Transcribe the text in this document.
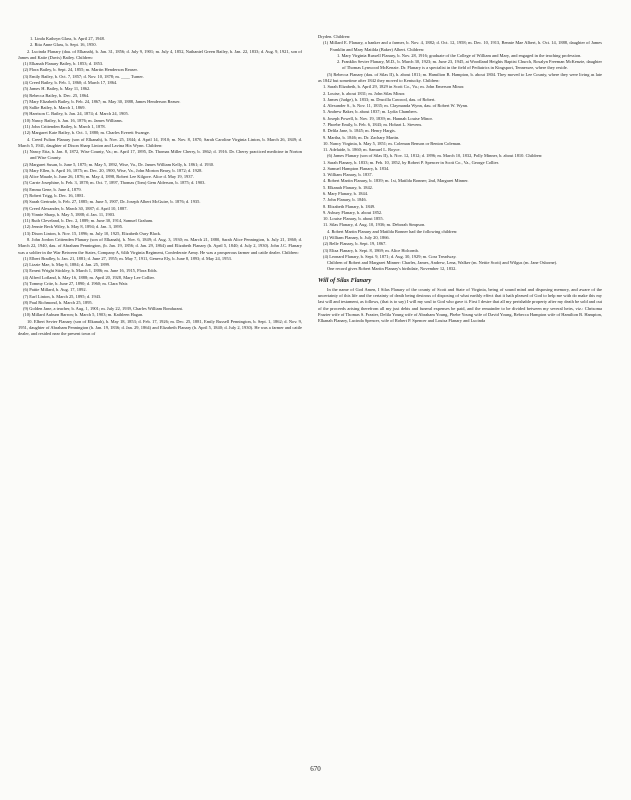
1. Linda Kathryn Glass, b. April 27, 1948.

2. Rita Anne Glass, b. Sept. 16, 1950.

2. Lucinda Flanary (dau. of Elkanah), b. Jan. 31, 1856; d. July 9, 1901; m. July 4, 1852, Nathaniel Green Bailey, b. Jan. 22, 1833; d. Aug. 9, 1921, son of James and Katie (Davis) Bailey. Children:

(1) Elkanah Flanary Bailey, b. 1853; d. 1853.

(2) Flora Bailey, b. Sept. 24, 1855; m. Martin Henderson Reaser.

(3) Emily Bailey, b. Oct. 7, 1857; d. Nov. 10, 1878; m. ____ Turner.

(4) Creed Bailey, b. Feb. 1, 1860; d. March 17, 1864.

(5) James H. Bailey, b. May 11, 1862.

(6) Rebecca Bailey, b. Dec. 25, 1864.

(7) Mary Elizabeth Bailey, b. Feb. 24, 1867; m. May 30, 1888, James Henderson Reaser.

(8) Sallie Bailey, b. March 1, 1869.

(9) Harrison C. Bailey, b. Jan. 24, 1874; d. March 24, 1905.

(10) Nancy Bailey, b. Jan. 16, 1876; m. James Williams.

(11) John Crittenden Bailey, b. March 1, 1878.

(12) Margaret Kate Bailey, b. Oct. 1, 1880; m. Charles Everett Swange.

4. Creed Fulton Flanary (son of Elkanah), b. Nov. 25, 1844; d. April 14, 1910; m. Nov. 8, 1870, Sarah Caroline Virginia Linton, b. March 26, 1849; d. March 5, 1941, daughter of Dixon Sharp Linton and Lavina Hix Wynn. Children:

(1) Nancy Etta, b. Jan. 8, 1872, Wise County, Va.; m. April 17, 1895, Dr. Thomas Miller Cherry, b. 1862; d. 1916. Dr. Cherry practiced medicine in Norton and Wise County.

(2) Margaret Susan, b. June 5, 1875; m. May 5, 1892, Wise, Va., Dr. James William Kelly, b. 1861; d. 1930.

(3) Mary Ellen, b. April 16, 1875; m. Dec. 20, 1900, Wise, Va., John Morton Beary, b. 1872; d. 1928.

(4) Alice Maude, b. June 26, 1876; m. May 4, 1898, Robert Lee Kilgore. Alice d. May 19, 1937.

(5) Carrie Josephine, b. Feb. 3, 1878; m. Oct. 7, 1897, Thomas (Tom) Gem Alderson, b. 1875; d. 1903.

(6) Emma Gene, b. June 4, 1879.

(7) Robert Trigg, b. Dec. 16, 1881.

(8) Sarah Gertrude, b. Feb. 27, 1885; m. June 5, 1907, Dr. Joseph Albert McGuire, b. 1876; d. 1935.

(9) Creed Alexander, b. March 30, 1887; d. April 10, 1887.

(10) Vinnie Sharp, b. May 5, 1888; d. Jan. 11, 1903.

(11) Ruth Cleveland, b. Dec. 2, 1889; m. June 30, 1914, Samuel Graham.

(12) Jennie Beck Wiley, b. May 8, 1894; d. Jan. 3, 1895.

(13) Dixon Linton, b. Nov. 15, 1896; m. July 10, 1925, Elizabeth Oury Black.

8. John Jordon Crittenden Flanary (son of Elkanah), b. Nov. 6, 1849; d. Aug. 3, 1930; m. March 21, 1880, Sarah Alice Pennington, b. July 21, 1860; d. March 22, 1940, dau. of Abraham Pennington, (b. Jan. 19, 1856; d. Jan. 29, 1864) and Elizabeth Flanary (b. April 5, 1840; d. July 2, 1930). John J.C. Flanary was a soldier in the War Between the States, Company A, 64th Virginia Regiment, Confederate Army. He was a prosperous farmer and cattle dealer. Children:

(1) Elbert Bradley, b. Jan. 21, 1881; d. June 27, 1955; m. May 7, 1911, Geneva Ely, b. June 8, 1893; d. May 24, 1953.

(2) Lizzie Mae, b. May 6, 1884; d. Jan. 25, 1899.

(3) Ernest Wright Stickley, b. March 1, 1886; m. June 16, 1915, Flora Edds.

(4) Alfred Lofland, b. May 16, 1888; m. April 20, 1928, Mary Lee Collier.

(5) Tommy Crite, b. June 27, 1890; d. 1960; m. Clara Wair.

(6) Pattie Millard, b. Aug. 17, 1892.

(7) Earl Linton, b. March 25, 1895; d. 1943.

(8) Paul Richmond, b. March 25, 1895.

(9) Golden Jane, a teacher, b. Aug. 1, 1901; m. July 22, 1939, Charles William Bondurant.

(10) Millard Auburn Barron; b. March 5, 1903; m. Kathleen Hagan.

10. Elbert Sevier Flanary (son of Elkanah), b. May 18, 1853; d. Feb. 17, 1926; m. Dec. 25, 1881, Emily Russell Pennington, b. Sept. 1, 1862; d. Nov. 9, 1951, daughter of Abraham Pennington (b. Jan. 19, 1836; d. Jan. 29, 1864) and Elizabeth Flanary (b. April 5, 1840; d. July 2, 1930). He was a farmer and cattle dealer, and resided near the present town of

Dryden. Children:

(1) Millard E. Flanary, a banker and a farmer, b. Nov. 4, 1882; d. Oct. 12, 1958; m. Dec. 10, 1913, Bennie Mae Albert, b. Oct. 14, 1888, daughter of James Franklin and Mary Matilda (Baker) Albert. Children:

1. Mary Virginia Russell Flanary, b. Nov. 28, 1916; graduate of the College of William and Mary, and engaged in the teaching profession.

2. Franklin Sevier Flanary, M.D., b. March 30, 1923; m. June 23, 1945, at Woodland Heights Baptist Church, Rosalyn Freeman McKenzie, daughter of Thomas Lynwood McKenzie. Dr. Flanary is a specialist in the field of Pediatrics in Kingsport, Tennessee, where they reside.

(5) Rebecca Flanary (dau. of Silas II), b. about 1811; m. Hamilton B. Hampton, b. about 1804. They moved to Lee County, where they were living as late as 1842 but sometime after 1842 they moved to Kentucky. Children:

1. Sarah Elizabeth, b. April 29, 1829 in Scott Co., Va.; m. John Emerson Minor.

2. Louise, b. about 1831; m. John Silas Minor.

3. James (Judge), b. 1833; m. Drucilla Cawood, dau. of Robert.

4. Alexander S., b. Nov. 11, 1835; m. Claymanda Wynn, dau. of Robert W. Wynn.

5. Andrew Baker, b. about 1837; m. Lydia Chambers.

6. Joseph Powell, b. Nov. 19, 1839; m. Hannah Louise Minor.

7. Phoebe Emily, b. Feb. 6, 1843; m. Hobart L. Stevens.

8. Delila Jane, b. 1845; m. Henry Hargis.

9. Martha, b. 1846; m. Dr. Zachary Martin.

10. Nancy Virginia, b. May 5, 1851; m. Coleman Benson or Benton Coleman.

11. Adelaide, b. 1860; m. Samuel L. Royce.

(6) James Flanary (son of Silas II), b. Nov. 12, 1812; d. 1896; m. March 10, 1832, Polly Minner, b. about 1810. Children:

1. Sarah Flanary, b. 1833; m. Feb. 10, 1852, by Robert P. Spencer in Scott Co., Va., George Collier.

2. Samuel Hampton Flanary, b. 1834.

3. William Flanary, b. 1837.

4. Robert Martin Flanary, b. 1839; m. 1st, Matilda Bonner; 2nd, Margaret Minner.

5. Elkanah Flanary, b. 1842.

6. Mary Flanary, b. 1844.

7. John Flanary, b. 1846.

8. Elizabeth Flanary, b. 1849.

9. Asbury Flanary, b. about 1852.

10. Louise Flanary, b. about 1855.

11. Silas Flanary, d. Aug. 10, 1936; m. Deborah Simpson.

4. Robert Martin Flanary and Matilda Bonner had the following children:

(1) William Flanary, b. July 20, 1866.

(2) Belle Flanary, b. Sept. 19, 1867.

(3) Eliza Flanary, b. Sept. 8, 1869; m. Alice Holcomb.

(4) Leonard Flanary, b. Sept. 9, 1871; d. Aug. 30, 1929; m. Cora Treadway.

Children of Robert and Margaret Minner: Charles, James, Andrew, Lena, Walker (m. Nettie Scott) and Wilgus (m. Jane Osborne).

One record gives Robert Martin Flanary's birthdate, November 12, 1832.

Will of Silas Flanary

In the name of God Amen, I Silas Flanary of the county of Scott and State of Virginia, being of sound mind and disposing memory, and aware of the uncertainty of this life and the certainty of death being desirous of disposing of what earthly effect that it hath pleased of God to help me with do make this my last will and testament, as follows, (that is to say) I will my soul to God who gave it. First I desire that all my perishable property after my death be sold and out of the proceeds arising therefrom all my just debts and funeral expenses be paid, and the remainder to be divided between my several heirs, viz.: Chrisoma Frazier wife of Thomas S. Frazier, Delila Young wife of Abraham Young, Phebe Young wife of David Young, Rebecca Hampton wife of Hamilton B. Hampton, Elkanah Flanary, Lucinda Spencer, wife of Robert P. Spencer and Louisa Flanary and Lucinda

670
